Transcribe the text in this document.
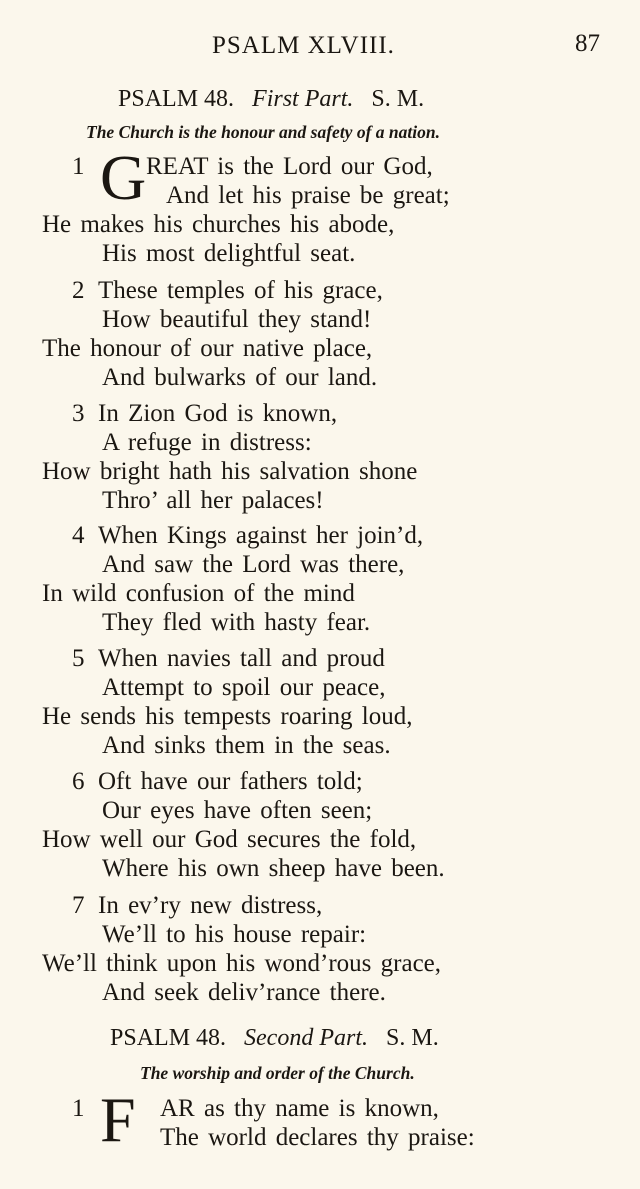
PSALM XLVIII.	87
PSALM 48. First Part. S. M.
The Church is the honour and safety of a nation.
1 G REAT is the Lord our God,
And let his praise be great;
He makes his churches his abode,
His most delightful seat.
2 These temples of his grace,
How beautiful they stand!
The honour of our native place,
And bulwarks of our land.
3 In Zion God is known,
A refuge in distress:
How bright hath his salvation shone
Thro’ all her palaces!
4 When Kings against her join’d,
And saw the Lord was there,
In wild confusion of the mind
They fled with hasty fear.
5 When navies tall and proud
Attempt to spoil our peace,
He sends his tempests roaring loud,
And sinks them in the seas.
6 Oft have our fathers told;
Our eyes have often seen;
How well our God secures the fold,
Where his own sheep have been.
7 In ev’ry new distress,
We’ll to his house repair:
We’ll think upon his wond’rous grace,
And seek deliv’rance there.
PSALM 48. Second Part. S. M.
The worship and order of the Church.
1 F AR as thy name is known,
The world declares thy praise:
